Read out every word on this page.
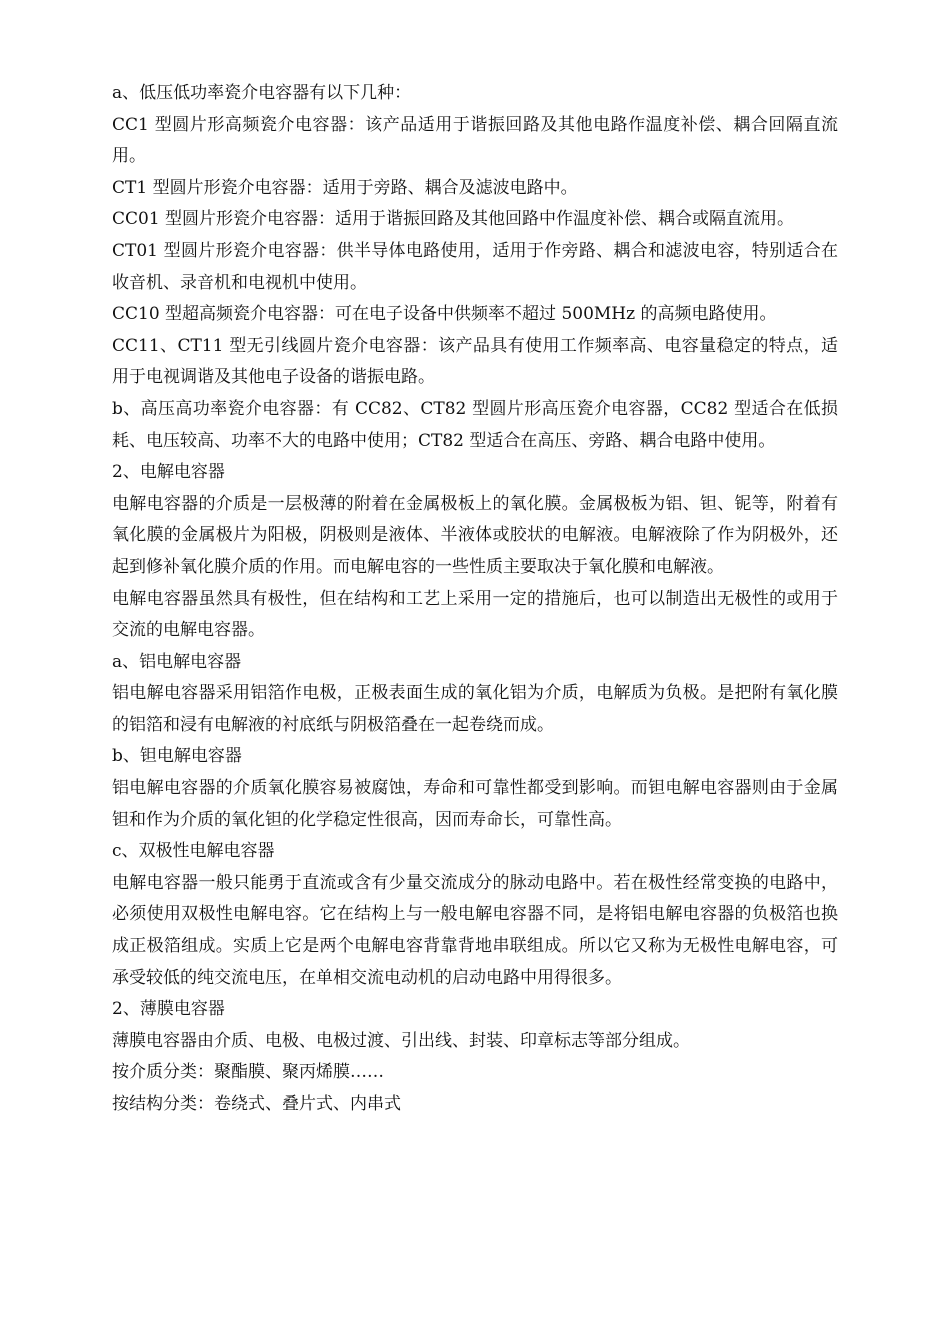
a、低压低功率瓷介电容器有以下几种：

CC1 型圆片形高频瓷介电容器：该产品适用于谐振回路及其他电路作温度补偿、耦合回隔直流用。

CT1 型圆片形瓷介电容器：适用于旁路、耦合及滤波电路中。

CC01 型圆片形瓷介电容器：适用于谐振回路及其他回路中作温度补偿、耦合或隔直流用。

CT01 型圆片形瓷介电容器：供半导体电路使用，适用于作旁路、耦合和滤波电容，特别适合在收音机、录音机和电视机中使用。

CC10 型超高频瓷介电容器：可在电子设备中供频率不超过 500MHz 的高频电路使用。

CC11、CT11 型无引线圆片瓷介电容器：该产品具有使用工作频率高、电容量稳定的特点，适用于电视调谐及其他电子设备的谐振电路。

b、高压高功率瓷介电容器：有 CC82、CT82 型圆片形高压瓷介电容器，CC82 型适合在低损耗、电压较高、功率不大的电路中使用；CT82 型适合在高压、旁路、耦合电路中使用。

2、电解电容器

电解电容器的介质是一层极薄的附着在金属极板上的氧化膜。金属极板为铝、钽、铌等，附着有氧化膜的金属极片为阳极，阴极则是液体、半液体或胶状的电解液。电解液除了作为阴极外，还起到修补氧化膜介质的作用。而电解电容的一些性质主要取决于氧化膜和电解液。

电解电容器虽然具有极性，但在结构和工艺上采用一定的措施后，也可以制造出无极性的或用于交流的电解电容器。

a、铝电解电容器

铝电解电容器采用铝箔作电极，正极表面生成的氧化铝为介质，电解质为负极。是把附有氧化膜的铝箔和浸有电解液的衬底纸与阴极箔叠在一起卷绕而成。

b、钽电解电容器

铝电解电容器的介质氧化膜容易被腐蚀，寿命和可靠性都受到影响。而钽电解电容器则由于金属钽和作为介质的氧化钽的化学稳定性很高，因而寿命长，可靠性高。

c、双极性电解电容器

电解电容器一般只能勇于直流或含有少量交流成分的脉动电路中。若在极性经常变换的电路中，必须使用双极性电解电容。它在结构上与一般电解电容器不同，是将铝电解电容器的负极箔也换成正极箔组成。实质上它是两个电解电容背靠背地串联组成。所以它又称为无极性电解电容，可承受较低的纯交流电压，在单相交流电动机的启动电路中用得很多。

2、薄膜电容器

薄膜电容器由介质、电极、电极过渡、引出线、封装、印章标志等部分组成。

按介质分类：聚酯膜、聚丙烯膜……

按结构分类：卷绕式、叠片式、内串式
